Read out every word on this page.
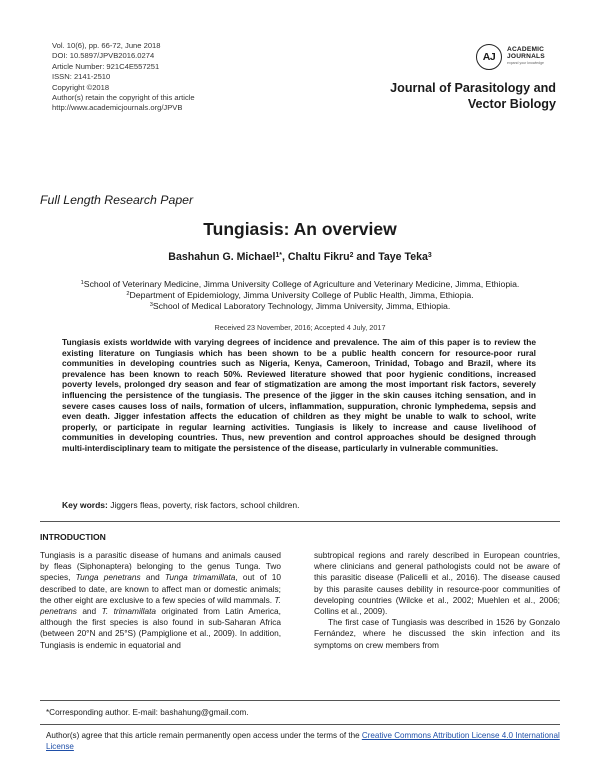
Vol. 10(6), pp. 66-72, June 2018
DOI: 10.5897/JPVB2016.0274
Article Number: 921C4E557251
ISSN: 2141-2510
Copyright ©2018
Author(s) retain the copyright of this article
http://www.academicjournals.org/JPVB
AJ
ACADEMIC
JOURNALS
expand your knowledge
Journal of Parasitology and
Vector Biology
Full Length Research Paper
Tungiasis: An overview
Bashahun G. Michael$^{1*}$, Chaltu Fikru$^2$ and Taye Teka$^3$
$^1$School of Veterinary Medicine, Jimma University College of Agriculture and Veterinary Medicine, Jimma, Ethiopia.
$^2$Department of Epidemiology, Jimma University College of Public Health, Jimma, Ethiopia.
$^3$School of Medical Laboratory Technology, Jimma University, Jimma, Ethiopia.
Received 23 November, 2016; Accepted 4 July, 2017
Tungiasis exists worldwide with varying degrees of incidence and prevalence. The aim of this paper is to review the existing literature on Tungiasis which has been shown to be a public health concern for resource-poor rural communities in developing countries such as Nigeria, Kenya, Cameroon, Trinidad, Tobago and Brazil, where its prevalence has been known to reach 50%. Reviewed literature showed that poor hygienic conditions, increased poverty levels, prolonged dry season and fear of stigmatization are among the most important risk factors, severely influencing the persistence of the tungiasis. The presence of the jigger in the skin causes itching sensation, and in severe cases causes loss of nails, formation of ulcers, inflammation, suppuration, chronic lymphedema, sepsis and even death. Jigger infestation affects the education of children as they might be unable to walk to school, write properly, or participate in regular learning activities. Tungiasis is likely to increase and cause livelihood of communities in developing countries. Thus, new prevention and control approaches should be designed through multi-interdisciplinary team to mitigate the persistence of the disease, particularly in vulnerable communities.
Key words: Jiggers fleas, poverty, risk factors, school children.
INTRODUCTION

Tungiasis is a parasitic disease of humans and animals caused by fleas (Siphonaptera) belonging to the genus Tunga. Two species, Tunga penetrans and Tunga trimamillata, out of 10 described to date, are known to affect man or domestic animals; the other eight are exclusive to a few species of wild mammals. T. penetrans and T. trimamillata originated from Latin America, although the first species is also found in sub-Saharan Africa (between 20°N and 25°S) (Pampiglione et al., 2009). In addition, Tungiasis is endemic in equatorial and

subtropical regions and rarely described in European countries, where clinicians and general pathologists could not be aware of this parasitic disease (Palicelli et al., 2016). The disease caused by this parasite causes debility in resource-poor communities of developing countries (Wilcke et al., 2002; Muehlen et al., 2006; Collins et al., 2009).

The first case of Tungiasis was described in 1526 by Gonzalo Fernández, where he discussed the skin infection and its symptoms on crew members from

*Corresponding author. E-mail: bashahung@gmail.com.
Author(s) agree that this article remain permanently open access under the terms of the Creative Commons Attribution License 4.0 International License
